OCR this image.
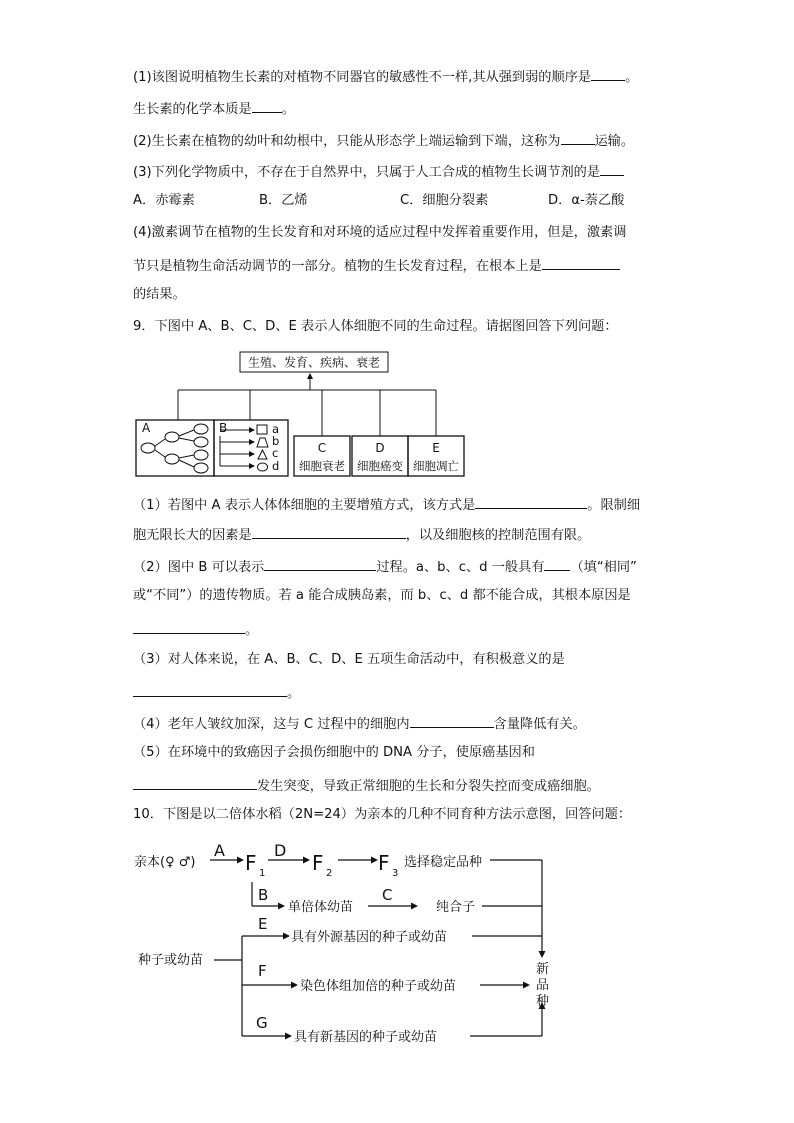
(1)该图说明植物生长素的对植物不同器官的敏感性不一样,其从强到弱的顺序是	。
生长素的化学本质是 。
(2)生长素在植物的幼叶和幼根中，只能从形态学上端运输到下端，这称为	运输。
(3)下列化学物质中，不存在于自然界中，只属于人工合成的植物生长调节剂的是
A．赤霉素	B．乙烯	C．细胞分裂素	D．α-萘乙酸
(4)激素调节在植物的生长发育和对环境的适应过程中发挥着重要作用，但是，激素调
节只是植物生命活动调节的一部分。植物的生长发育过程，在根本上是
的结果。
9．下图中 A、B、C、D、E 表示人体细胞不同的生命过程。请据图回答下列问题：
生殖、发育、疾病、衰老
A	B	a
b
c
d
C
细胞衰老
D
细胞癌变
E
细胞凋亡
（1）若图中 A 表示人体体细胞的主要增殖方式，该方式是	。限制细
胞无限长大的因素是	，以及细胞核的控制范围有限。
（2）图中 B 可以表示	过程。a、b、c、d 一般具有 （填“相同”
或“不同”）的遗传物质。若 a 能合成胰岛素，而 b、c、d 都不能合成，其根本原因是
。
（3）对人体来说，在 A、B、C、D、E 五项生命活动中，有积极意义的是
。
（4）老年人皱纹加深，这与 C 过程中的细胞内	含量降低有关。
（5）在环境中的致癌因子会损伤细胞中的 DNA 分子，使原癌基因和
发生突变，导致正常细胞的生长和分裂失控而变成癌细胞。
10．下图是以二倍体水稻（2N=24）为亲本的几种不同育种方法示意图，回答问题：
亲本(♀ ♂)
A
F 1
D
F 2 F 3
选择稳定品种
B
单倍体幼苗
C
纯合子
种子或幼苗
E
具有外源基因的种子或幼苗
F
染色体组加倍的种子或幼苗
G
具有新基因的种子或幼苗
新
品
种
